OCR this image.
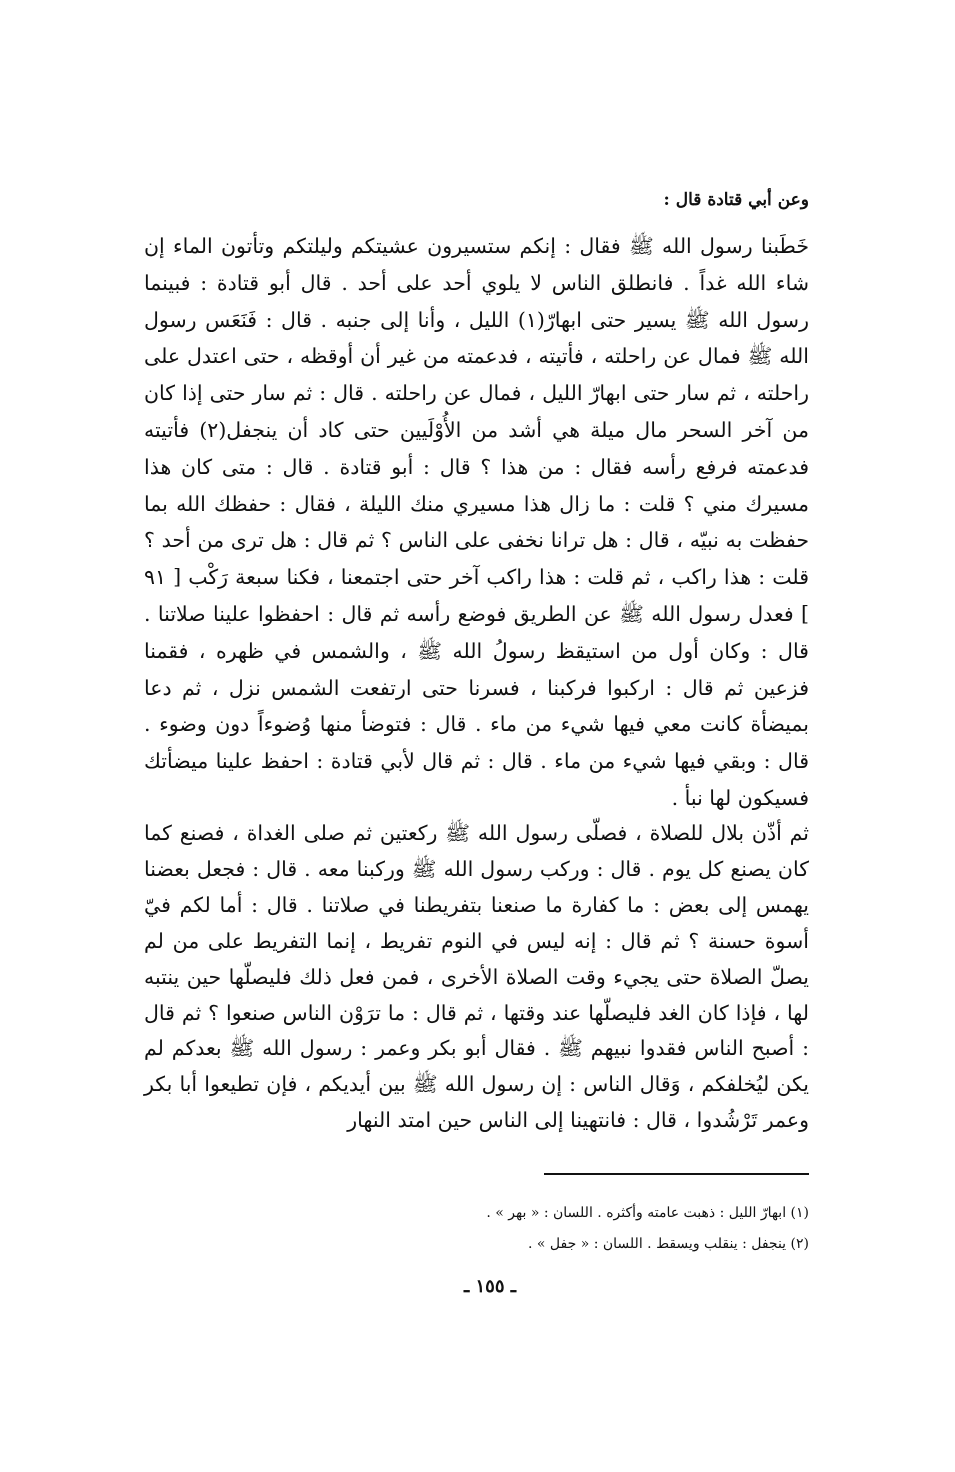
وعن أبي قتادة قال :

خَطَبنا رسول الله ﷺ فقال : إنكم ستسيرون عشيتكم وليلتكم وتأتون الماء إن شاء الله غداً . فانطلق الناس لا يلوي أحد على أحد . قال أبو قتادة : فبينما رسول الله ﷺ يسير حتى ابهارّ(١) الليل ، وأنا إلى جنبه . قال : فَنَعَس رسول الله ﷺ فمال عن راحلته ، فأتيته ، فدعمته من غير أن أوقظه ، حتى اعتدل على راحلته ، ثم سار حتى ابهارّ الليل ، فمال عن راحلته . قال : ثم سار حتى إذا كان من آخر السحر مال ميلة هي أشد من الأُوْلَيين حتى كاد أن ينجفل(٢) فأتيته فدعمته فرفع رأسه فقال : من هذا ؟ قال : أبو قتادة . قال : متى كان هذا مسيرك مني ؟ قلت : ما زال هذا مسيري منك الليلة ، فقال : حفظك الله بما حفظت به نبيّه ، قال : هل ترانا نخفى على الناس ؟ ثم قال : هل ترى من أحد ؟ قلت : هذا راكب ، ثم قلت : هذا راكب آخر حتى اجتمعنا ، فكنا سبعة رَكْب [ ٩١ ] فعدل رسول الله ﷺ عن الطريق فوضع رأسه ثم قال : احفظوا علينا صلاتنا . قال : وكان أول من استيقظ رسولُ الله ﷺ ، والشمس في ظهره ، فقمنا فزعين ثم قال : اركبوا فركبنا ، فسرنا حتى ارتفعت الشمس نزل ، ثم دعا بميضأة كانت معي فيها شيء من ماء . قال : فتوضأ منها وُضوءاً دون وضوء . قال : وبقي فيها شيء من ماء . قال : ثم قال لأبي قتادة : احفظ علينا ميضأتك فسيكون لها نبأ .

ثم أذّن بلال للصلاة ، فصلّى رسول الله ﷺ ركعتين ثم صلى الغداة ، فصنع كما كان يصنع كل يوم . قال : وركب رسول الله ﷺ وركبنا معه . قال : فجعل بعضنا يهمس إلى بعض : ما كفارة ما صنعنا بتفريطنا في صلاتنا . قال : أما لكم فيّ أسوة حسنة ؟ ثم قال : إنه ليس في النوم تفريط ، إنما التفريط على من لم يصلّ الصلاة حتى يجيء وقت الصلاة الأخرى ، فمن فعل ذلك فليصلّها حين ينتبه لها ، فإذا كان الغد فليصلّها عند وقتها ، ثم قال : ما ترَوْن الناس صنعوا ؟ ثم قال : أصبح الناس فقدوا نبيهم ﷺ . فقال أبو بكر وعمر : رسول الله ﷺ بعدكم لم يكن ليُخلفكم ، وَقال الناس : إن رسول الله ﷺ بين أيديكم ، فإن تطيعوا أبا بكر وعمر تَرْشُدوا ، قال : فانتهينا إلى الناس حين امتد النهار

(١) ابهارّ الليل : ذهبت عامته وأكثره . اللسان : « بهر » .
(٢) ينجفل : ينقلب ويسقط . اللسان : « جفل » .
ـ ١٥٥ ـ
